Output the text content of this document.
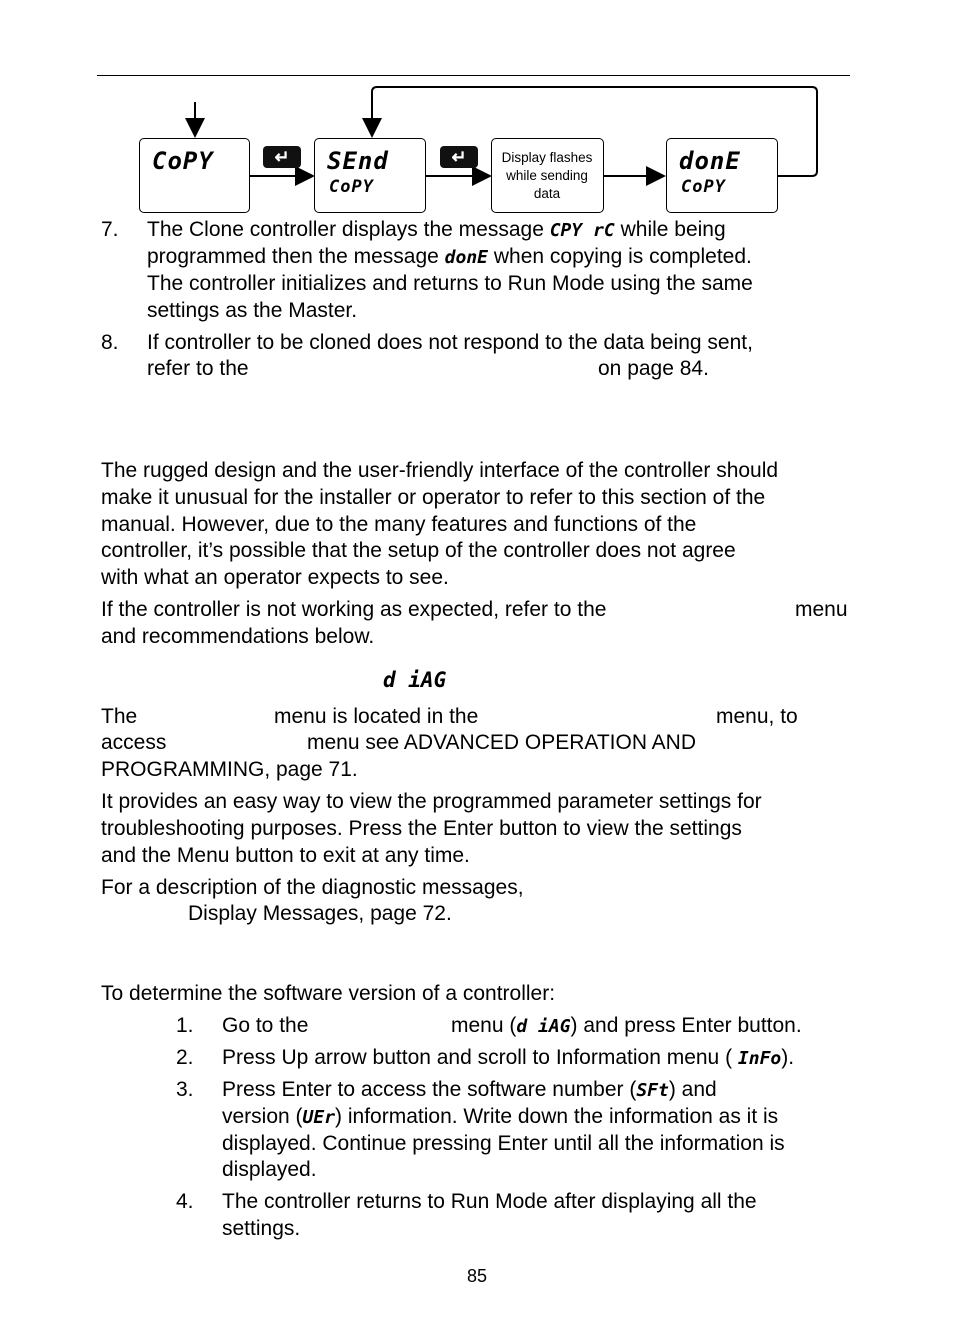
CoPY	↵	SEnd
CoPY
↵	Display flashes
while sending
data
donE
CoPY
7. The Clone controller displays the message CPY rC while being
programmed then the message donE when copying is completed.
The controller initializes and returns to Run Mode using the same
settings as the Master.
8. If controller to be cloned does not respond to the data being sent,
refer to the	on page 84.
The rugged design and the user-friendly interface of the controller should
make it unusual for the installer or operator to refer to this section of the
manual. However, due to the many features and functions of the
controller, it’s possible that the setup of the controller does not agree
with what an operator expects to see.
If the controller is not working as expected, refer to the	menu
and recommendations below.
d iAG
The	menu is located in the	menu, to
access	menu see ADVANCED OPERATION AND
PROGRAMMING, page 71.
It provides an easy way to view the programmed parameter settings for
troubleshooting purposes. Press the Enter button to view the settings
and the Menu button to exit at any time.
For a description of the diagnostic messages,
Display Messages, page 72.
To determine the software version of a controller:
1. Go to the	menu (d iAG) and press Enter button.
2. Press Up arrow button and scroll to Information menu ( InFo).
3. Press Enter to access the software number (SFt) and
version (UEr) information. Write down the information as it is
displayed. Continue pressing Enter until all the information is
displayed.
4. The controller returns to Run Mode after displaying all the
settings.
85
